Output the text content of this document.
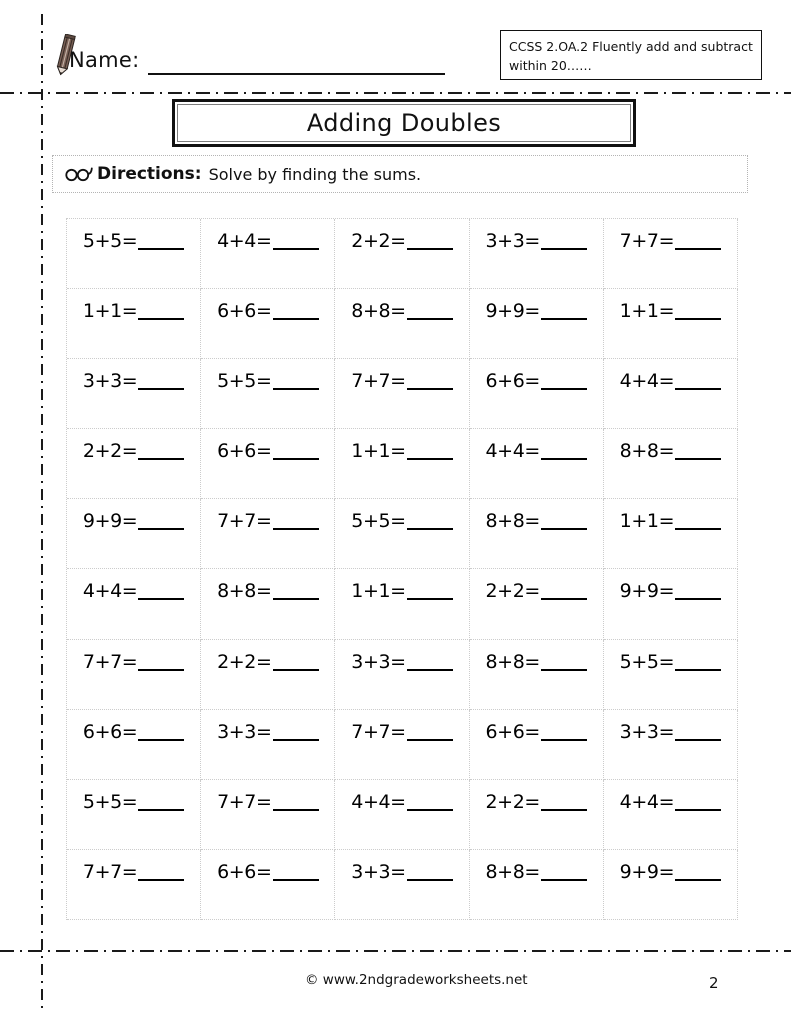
Name:
CCSS 2.OA.2 Fluently add and subtract within 20……
Adding Doubles
Directions: Solve by finding the sums.
5+5=	4+4=	2+2=	3+3=	7+7=
1+1=	6+6=	8+8=	9+9=	1+1=
3+3=	5+5=	7+7=	6+6=	4+4=
2+2=	6+6=	1+1=	4+4=	8+8=
9+9=	7+7=	5+5=	8+8=	1+1=
4+4=	8+8=	1+1=	2+2=	9+9=
7+7=	2+2=	3+3=	8+8=	5+5=
6+6=	3+3=	7+7=	6+6=	3+3=
5+5=	7+7=	4+4=	2+2=	4+4=
7+7=	6+6=	3+3=	8+8=	9+9=
© www.2ndgradeworksheets.net	2
